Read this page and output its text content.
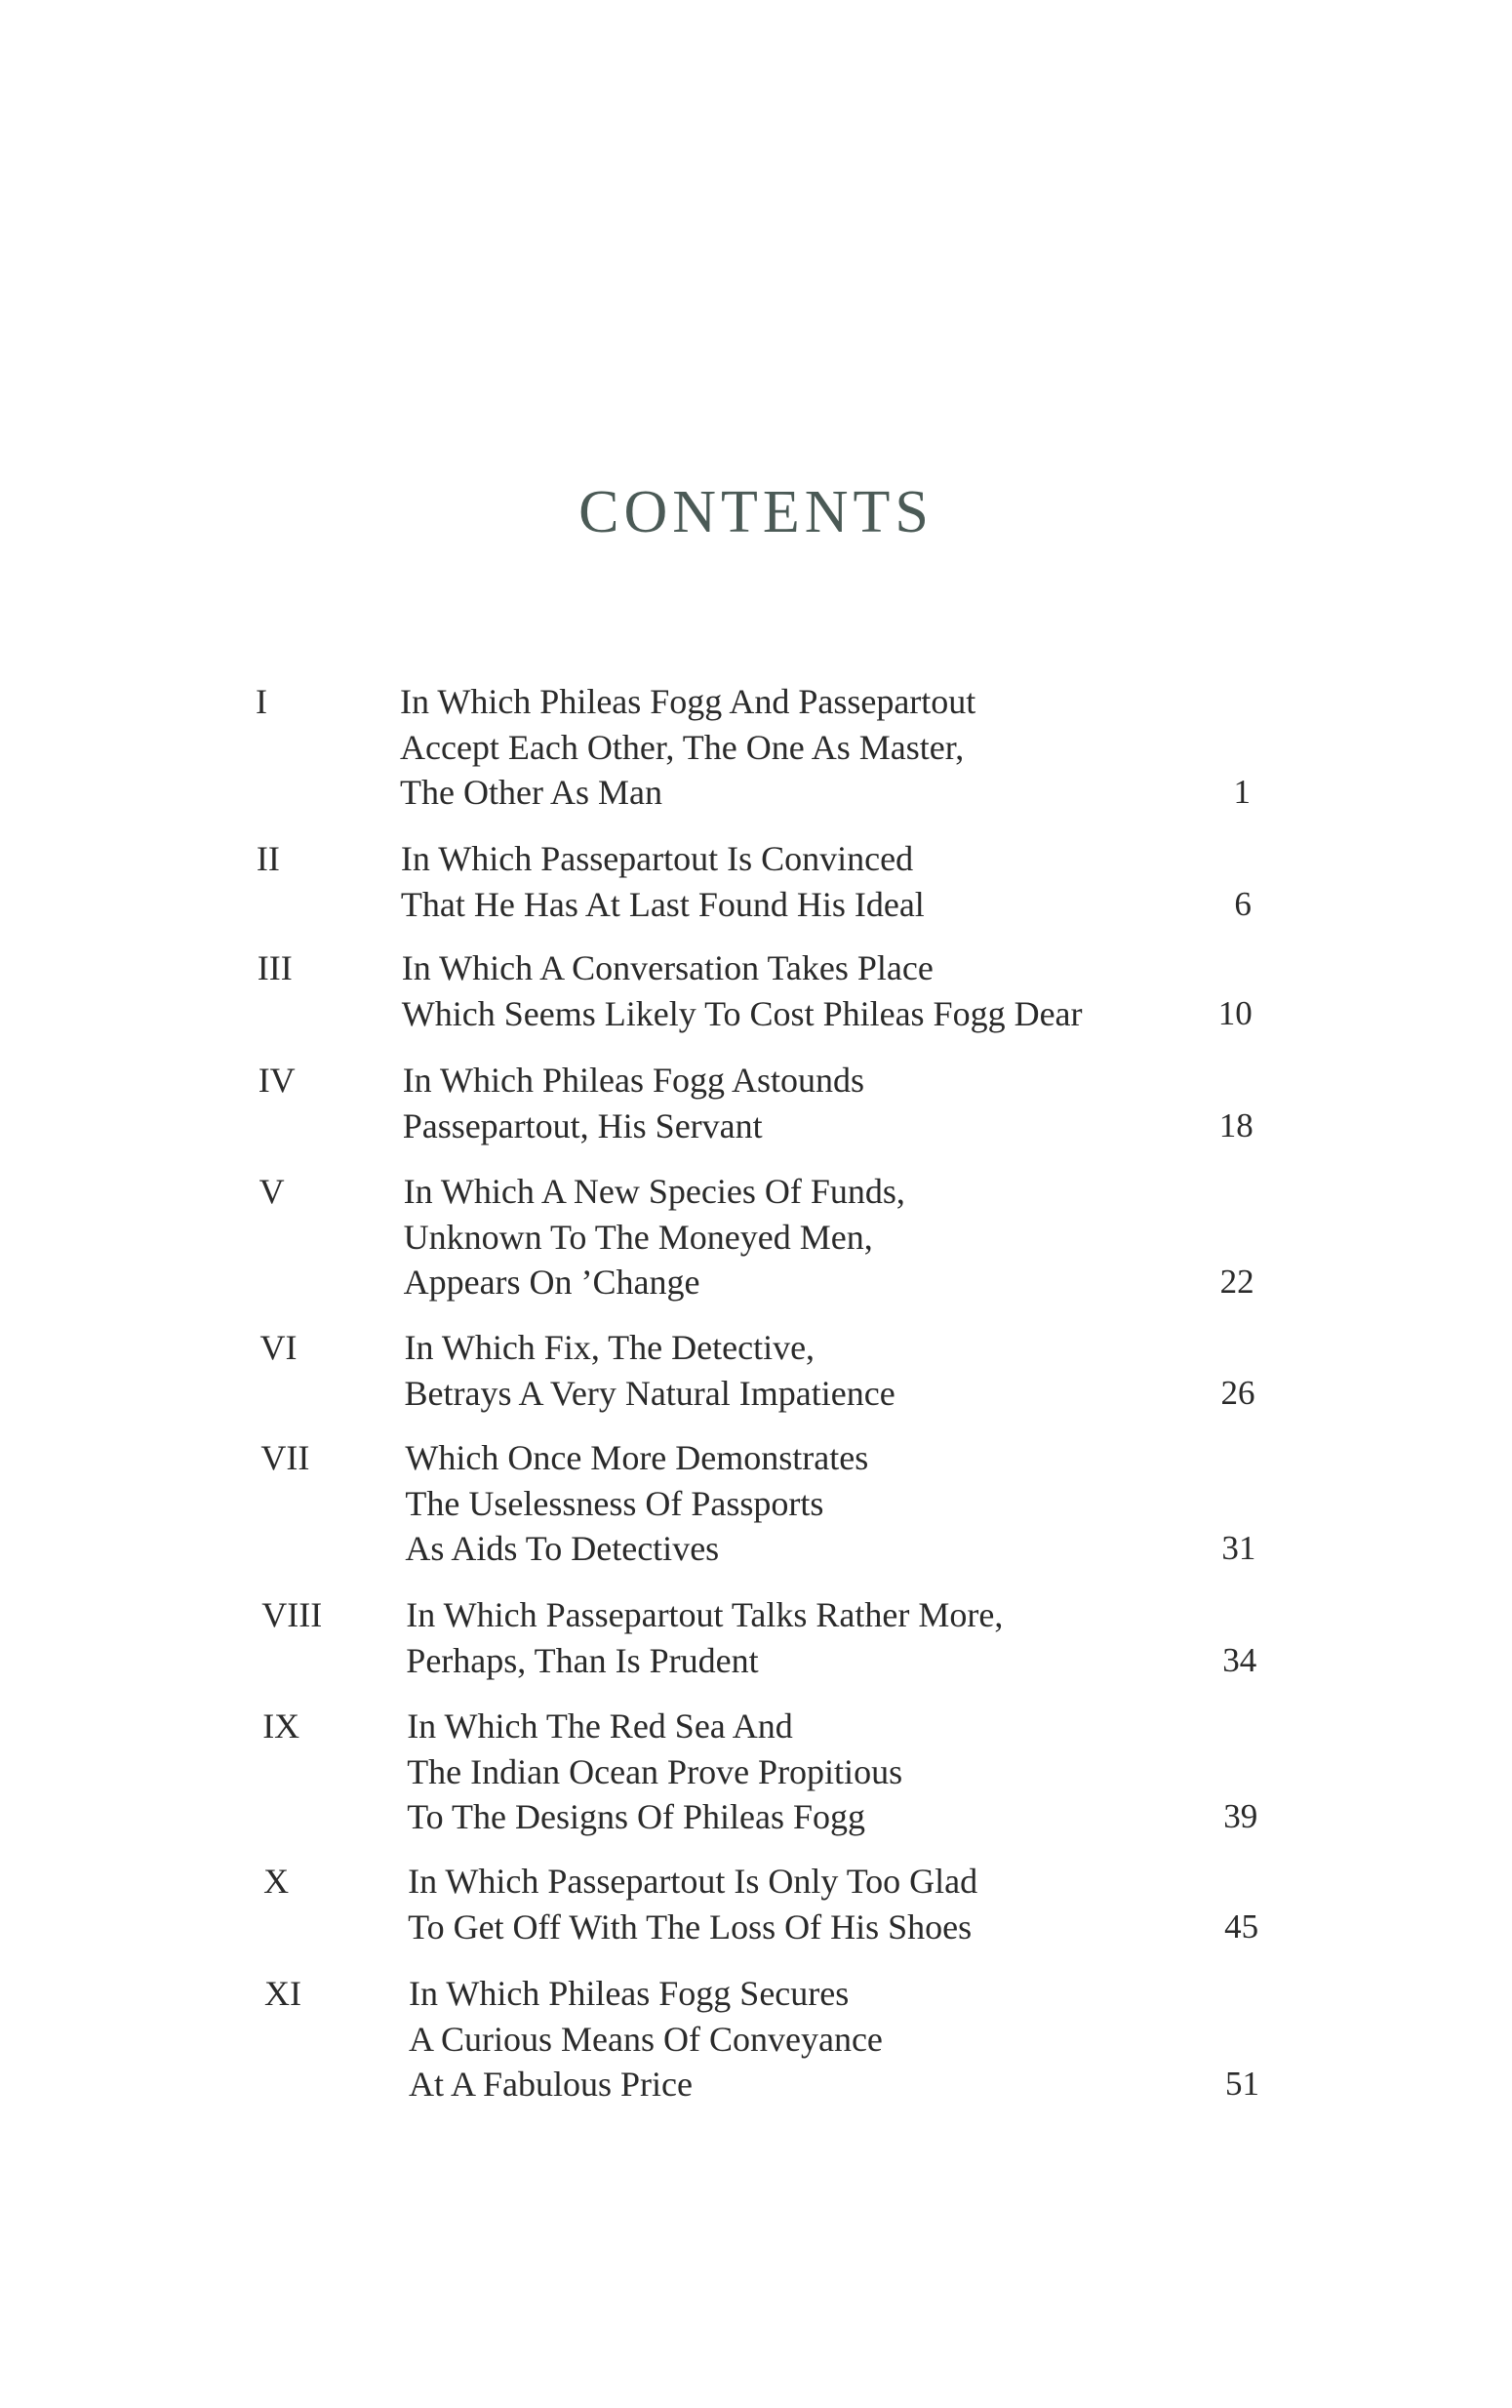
CONTENTS
I	In Which Phileas Fogg And Passepartout
Accept Each Other, The One As Master,
The Other As Man	1
II	In Which Passepartout Is Convinced
That He Has At Last Found His Ideal	6
III	In Which A Conversation Takes Place
Which Seems Likely To Cost Phileas Fogg Dear	10
IV	In Which Phileas Fogg Astounds
Passepartout, His Servant	18
V	In Which A New Species Of Funds,
Unknown To The Moneyed Men,
Appears On ’Change	22
VI	In Which Fix, The Detective,
Betrays A Very Natural Impatience	26
VII	Which Once More Demonstrates
The Uselessness Of Passports
As Aids To Detectives	31
VIII In Which Passepartout Talks Rather More,
Perhaps, Than Is Prudent	34
IX	In Which The Red Sea And
The Indian Ocean Prove Propitious
To The Designs Of Phileas Fogg	39
X	In Which Passepartout Is Only Too Glad
To Get Off With The Loss Of His Shoes	45
XI	In Which Phileas Fogg Secures
A Curious Means Of Conveyance
At A Fabulous Price	51
